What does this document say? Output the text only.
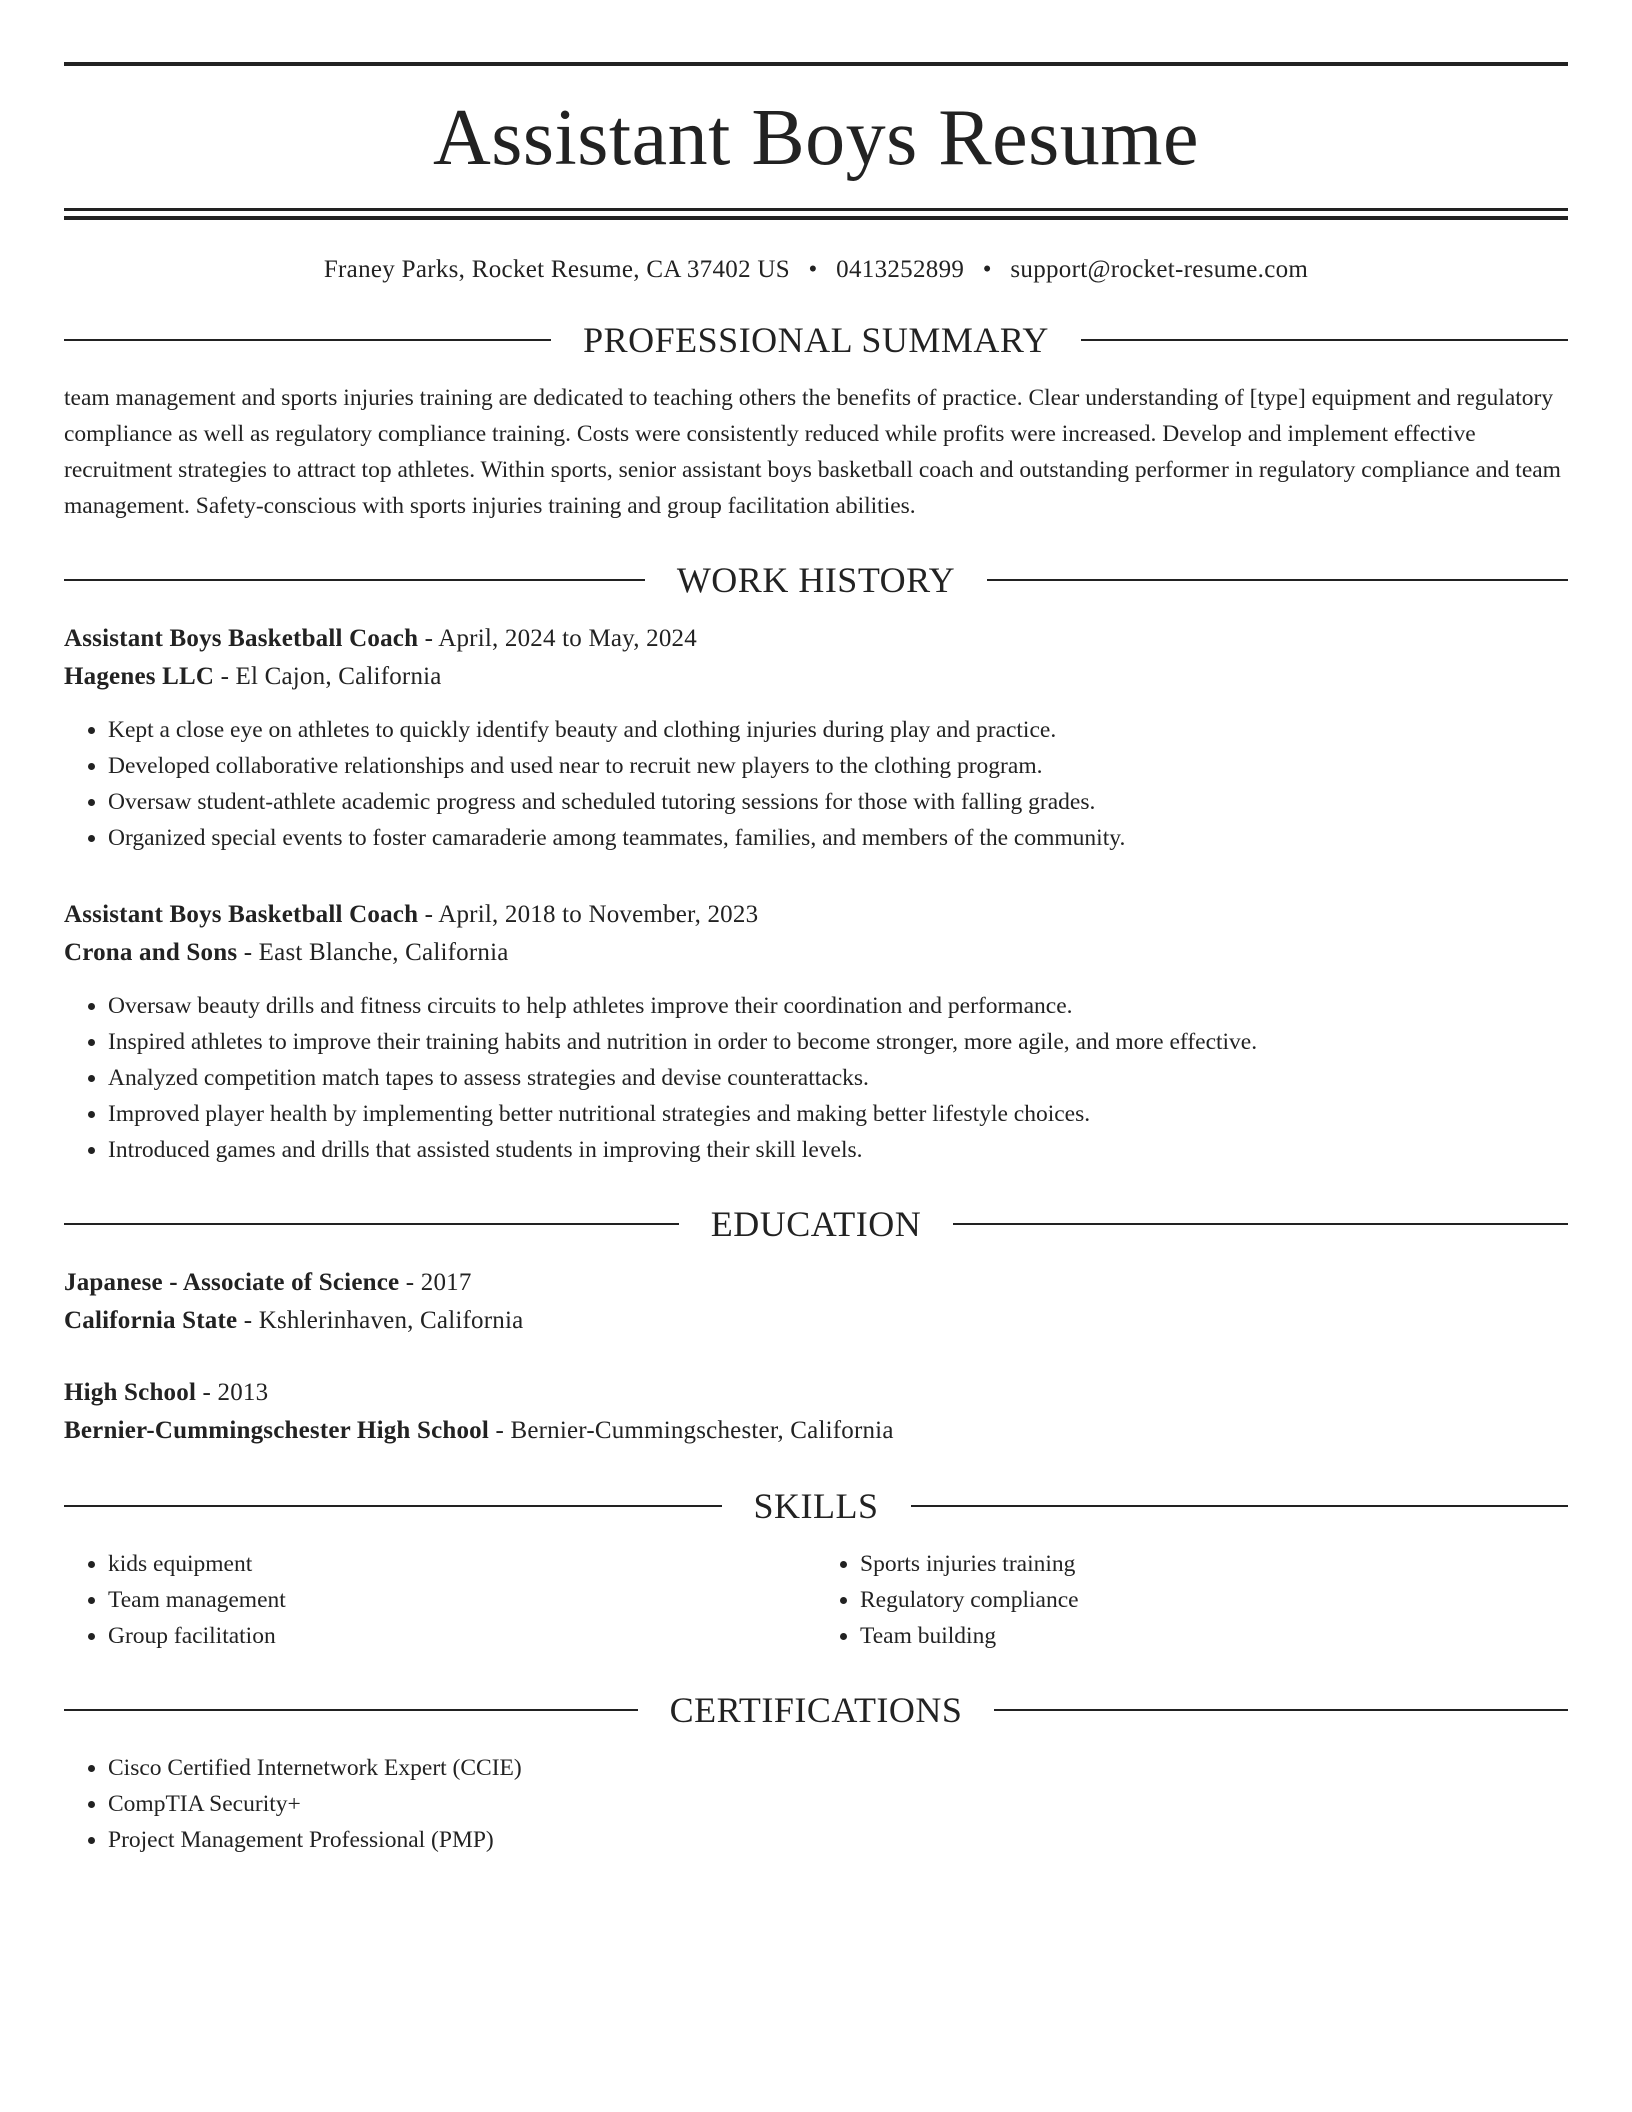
Assistant Boys Resume
Franey Parks, Rocket Resume, CA 37402 US • 0413252899 • support@rocket-resume.com
PROFESSIONAL SUMMARY

team management and sports injuries training are dedicated to teaching others the benefits of practice. Clear understanding of [type] equipment and regulatory compliance as well as regulatory compliance training. Costs were consistently reduced while profits were increased. Develop and implement effective recruitment strategies to attract top athletes. Within sports, senior assistant boys basketball coach and outstanding performer in regulatory compliance and team management. Safety-conscious with sports injuries training and group facilitation abilities.

WORK HISTORY
Assistant Boys Basketball Coach - April, 2024 to May, 2024
Hagenes LLC - El Cajon, California
• Kept a close eye on athletes to quickly identify beauty and clothing injuries during play and practice.
• Developed collaborative relationships and used near to recruit new players to the clothing program.
• Oversaw student-athlete academic progress and scheduled tutoring sessions for those with falling grades.
• Organized special events to foster camaraderie among teammates, families, and members of the community.
Assistant Boys Basketball Coach - April, 2018 to November, 2023
Crona and Sons - East Blanche, California
• Oversaw beauty drills and fitness circuits to help athletes improve their coordination and performance.
• Inspired athletes to improve their training habits and nutrition in order to become stronger, more agile, and more effective.
• Analyzed competition match tapes to assess strategies and devise counterattacks.
• Improved player health by implementing better nutritional strategies and making better lifestyle choices.
• Introduced games and drills that assisted students in improving their skill levels.
EDUCATION
Japanese - Associate of Science - 2017
California State - Kshlerinhaven, California
High School - 2013
Bernier-Cummingschester High School - Bernier-Cummingschester, California
SKILLS
• kids equipment
• Team management
• Group facilitation
• Sports injuries training
• Regulatory compliance
• Team building
CERTIFICATIONS
• Cisco Certified Internetwork Expert (CCIE)
• CompTIA Security+
• Project Management Professional (PMP)
